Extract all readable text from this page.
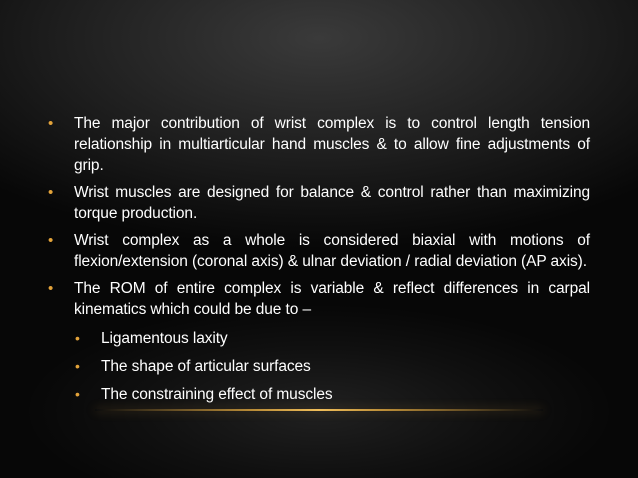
• The major contribution of wrist complex is to control length tension relationship in multiarticular hand muscles & to allow fine adjustments of grip.
• Wrist muscles are designed for balance & control rather than maximizing torque production.
• Wrist complex as a whole is considered biaxial with motions of flexion/extension (coronal axis) & ulnar deviation / radial deviation (AP axis).
• The ROM of entire complex is variable & reflect differences in carpal kinematics which could be due to –
• Ligamentous laxity
• The shape of articular surfaces
• The constraining effect of muscles
